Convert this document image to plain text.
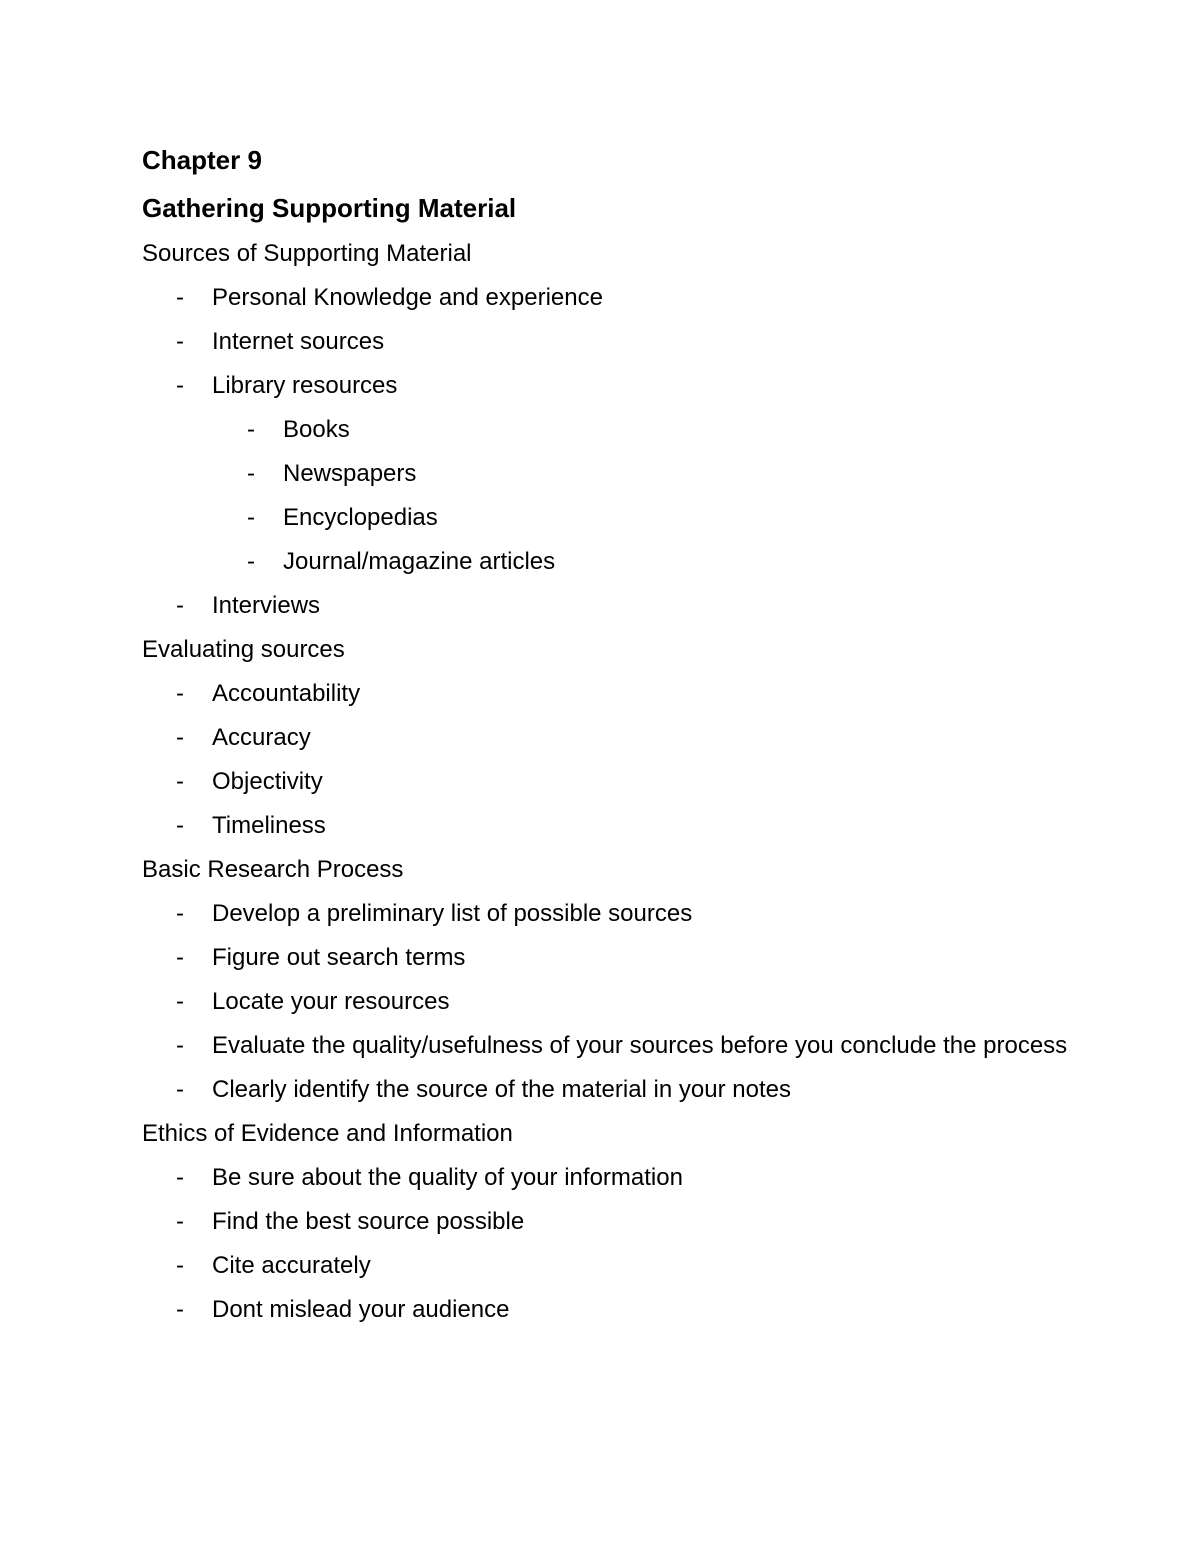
Chapter 9
Gathering Supporting Material
Sources of Supporting Material
- Personal Knowledge and experience
- Internet sources
- Library resources
- Books
- Newspapers
- Encyclopedias
- Journal/magazine articles
- Interviews
Evaluating sources
- Accountability
- Accuracy
- Objectivity
- Timeliness
Basic Research Process
- Develop a preliminary list of possible sources
- Figure out search terms
- Locate your resources
- Evaluate the quality/usefulness of your sources before you conclude the process
- Clearly identify the source of the material in your notes
Ethics of Evidence and Information
- Be sure about the quality of your information
- Find the best source possible
- Cite accurately
- Dont mislead your audience
